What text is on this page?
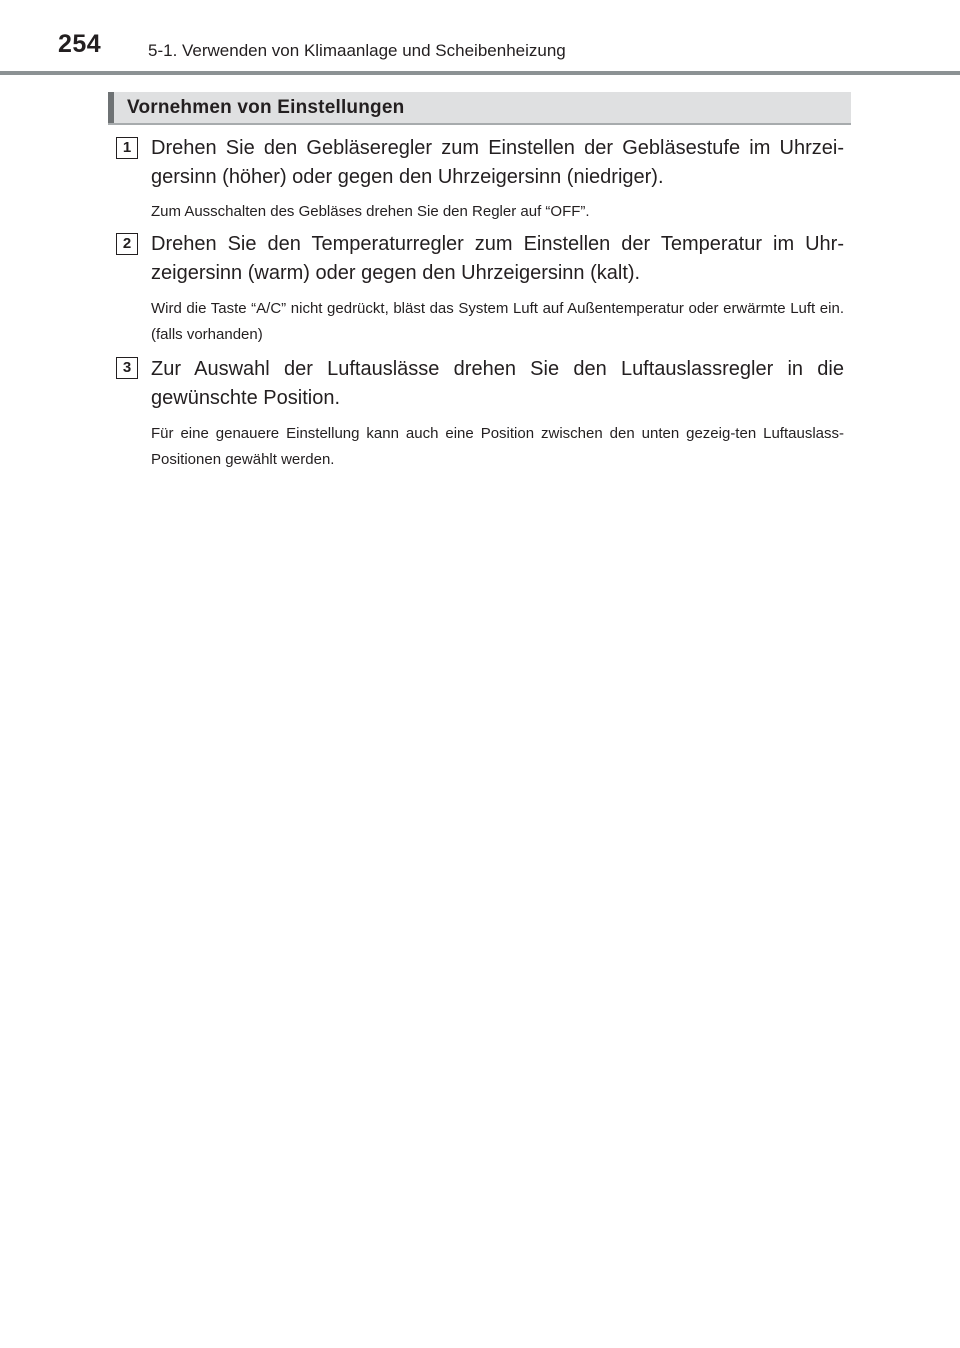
254	5-1. Verwenden von Klimaanlage und Scheibenheizung
Vornehmen von Einstellungen
1 Drehen Sie den Gebläseregler zum Einstellen der Gebläsestufe im Uhrzei-gersinn (höher) oder gegen den Uhrzeigersinn (niedriger).
Zum Ausschalten des Gebläses drehen Sie den Regler auf “OFF”.
2 Drehen Sie den Temperaturregler zum Einstellen der Temperatur im Uhr-zeigersinn (warm) oder gegen den Uhrzeigersinn (kalt).
Wird die Taste “A/C” nicht gedrückt, bläst das System Luft auf Außentemperatur oder erwärmte Luft ein. (falls vorhanden)
3 Zur Auswahl der Luftauslässe drehen Sie den Luftauslassregler in die gewünschte Position.
Für eine genauere Einstellung kann auch eine Position zwischen den unten gezeig-ten Luftauslass-Positionen gewählt werden.
